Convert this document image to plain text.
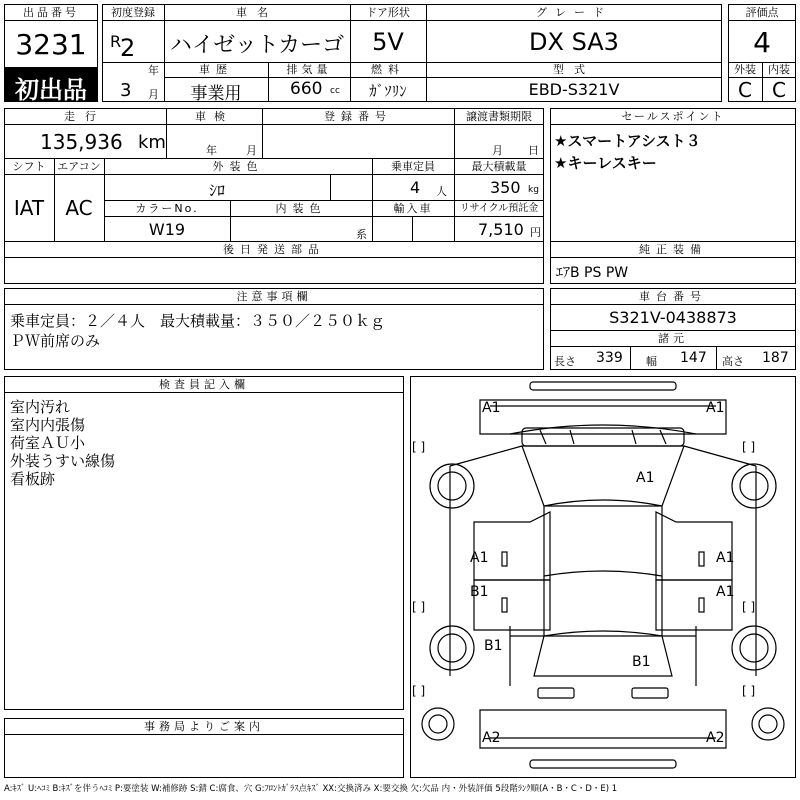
出品番号
3231
初出品
初度登録
R
2
年
3 月
車名
ハイゼットカーゴ
ドア形状
5V
グレード
DX SA3
車歴
事業用
排気量
660 cc
燃料
ｶﾞｿﾘﾝ
型式
EBD-S321V
評価点
4
外装	内装
C	C
走行
135,936 km
車検
年	月
登録番号	譲渡書類期限
月 日
シフト
IAT
エアコン
AC
外装色
ｼﾛ
乗車定員
4 人
最大積載量
350 kg
カラーNo.
W19
内装色
系
輸入車	リサイクル預託金
7,510 円
後日発送部品
セールスポイント
★スマートアシスト３
★キーレスキー
純正装備
ｴｱB PS PW
注意事項欄
乗車定員：２／４人　最大積載量：３５０／２５０ｋｇ
ＰＷ前席のみ
車台番号
S321V-0438873
諸元
長さ 339 幅 147 高さ 187
検査員記入欄
室内汚れ
室内内張傷
荷室ＡＵ小
外装うすい線傷
看板跡
事務局よりご案内
[ ]	[ ]
[ ]	[ ]
[ ]	[ ]
A1	A1
A1
A1	A1
B1	A1
B1
B1
A2	A2
A:ｷｽﾞ U:ﾍｺﾐ B:ｷｽﾞを伴うﾍｺﾐ P:要塗装 W:補修跡 S:錆 C:腐食、穴 G:ﾌﾛﾝﾄｶﾞﾗｽ点ｷｽﾞ XX:交換済み X:要交換 欠:欠品 内・外装評価 5段階ﾗﾝｸ順(A・B・C・D・E) 1
